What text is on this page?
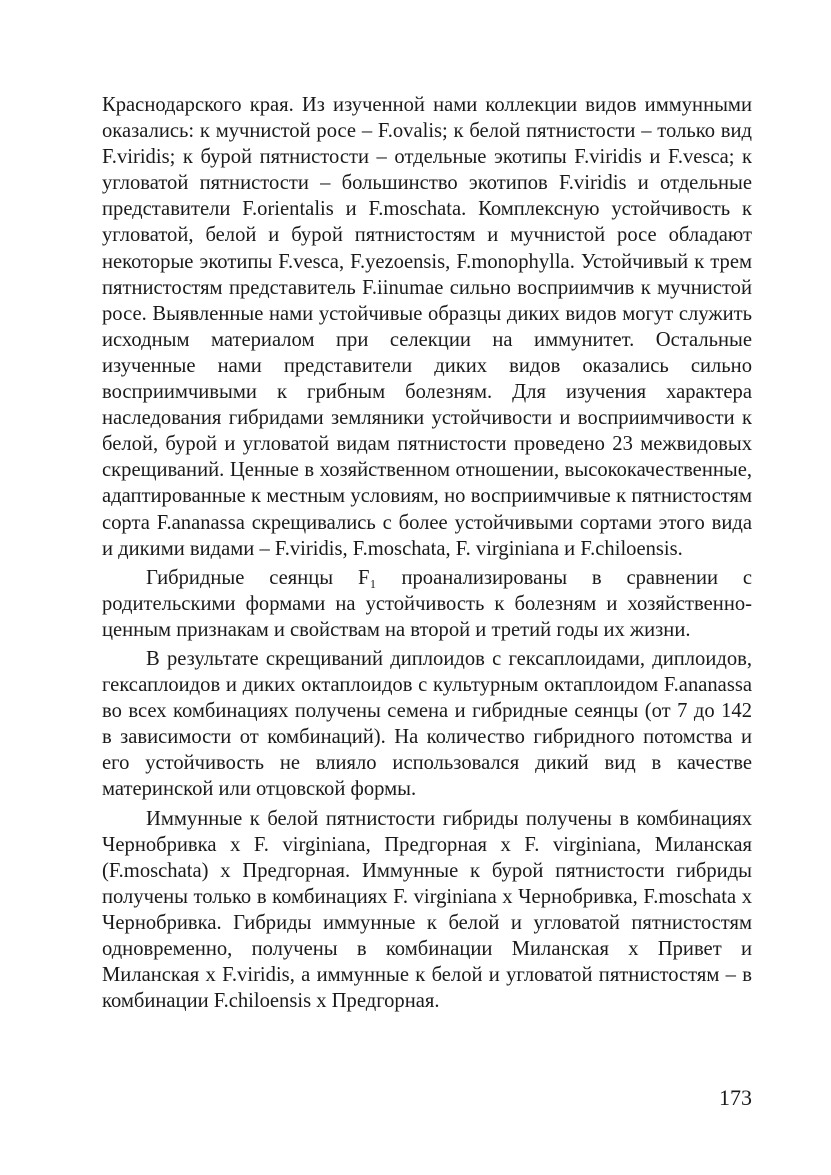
Краснодарского края. Из изученной нами коллекции видов иммунными оказались: к мучнистой росе – F.ovalis; к белой пятнистости – только вид F.viridis; к бурой пятнистости – отдельные экотипы F.viridis и F.vesca; к угловатой пятнистости – большинство экотипов F.viridis и отдельные представители F.orientalis и F.moschata. Комплексную устойчивость к угловатой, белой и бурой пятнистостям и мучнистой росе обладают некоторые экотипы F.vesca, F.yezoensis, F.monophylla. Устойчивый к трем пятнистостям представитель F.iinumae сильно восприимчив к мучнистой росе. Выявленные нами устойчивые образцы диких видов могут служить исходным материалом при селекции на иммунитет. Остальные изученные нами представители диких видов оказались сильно восприимчивыми к грибным болезням. Для изучения характера наследования гибридами земляники устойчивости и восприимчивости к белой, бурой и угловатой видам пятнистости проведено 23 межвидовых скрещиваний. Ценные в хозяйственном отношении, высококачественные, адаптированные к местным условиям, но восприимчивые к пятнистостям сорта F.ananassa скрещивались с более устойчивыми сортами этого вида и дикими видами – F.viridis, F.moschata, F. virginiana и F.chiloensis.

Гибридные сеянцы F₁ проанализированы в сравнении с родительскими формами на устойчивость к болезням и хозяйственно-ценным признакам и свойствам на второй и третий годы их жизни.

В результате скрещиваний диплоидов с гексаплоидами, диплоидов, гексаплоидов и диких октаплоидов с культурным октаплоидом F.ananassa во всех комбинациях получены семена и гибридные сеянцы (от 7 до 142 в зависимости от комбинаций). На количество гибридного потомства и его устойчивость не влияло использовался дикий вид в качестве материнской или отцовской формы.

Иммунные к белой пятнистости гибриды получены в комбинациях Чернобривка x F. virginiana, Предгорная x F. virginiana, Миланская (F.moschata) x Предгорная. Иммунные к бурой пятнистости гибриды получены только в комбинациях F. virginiana x Чернобривка, F.moschata x Чернобривка. Гибриды иммунные к белой и угловатой пятнистостям одновременно, получены в комбинации Миланская x Привет и Миланская x F.viridis, а иммунные к белой и угловатой пятнистостям – в комбинации F.chiloensis x Предгорная.

173
